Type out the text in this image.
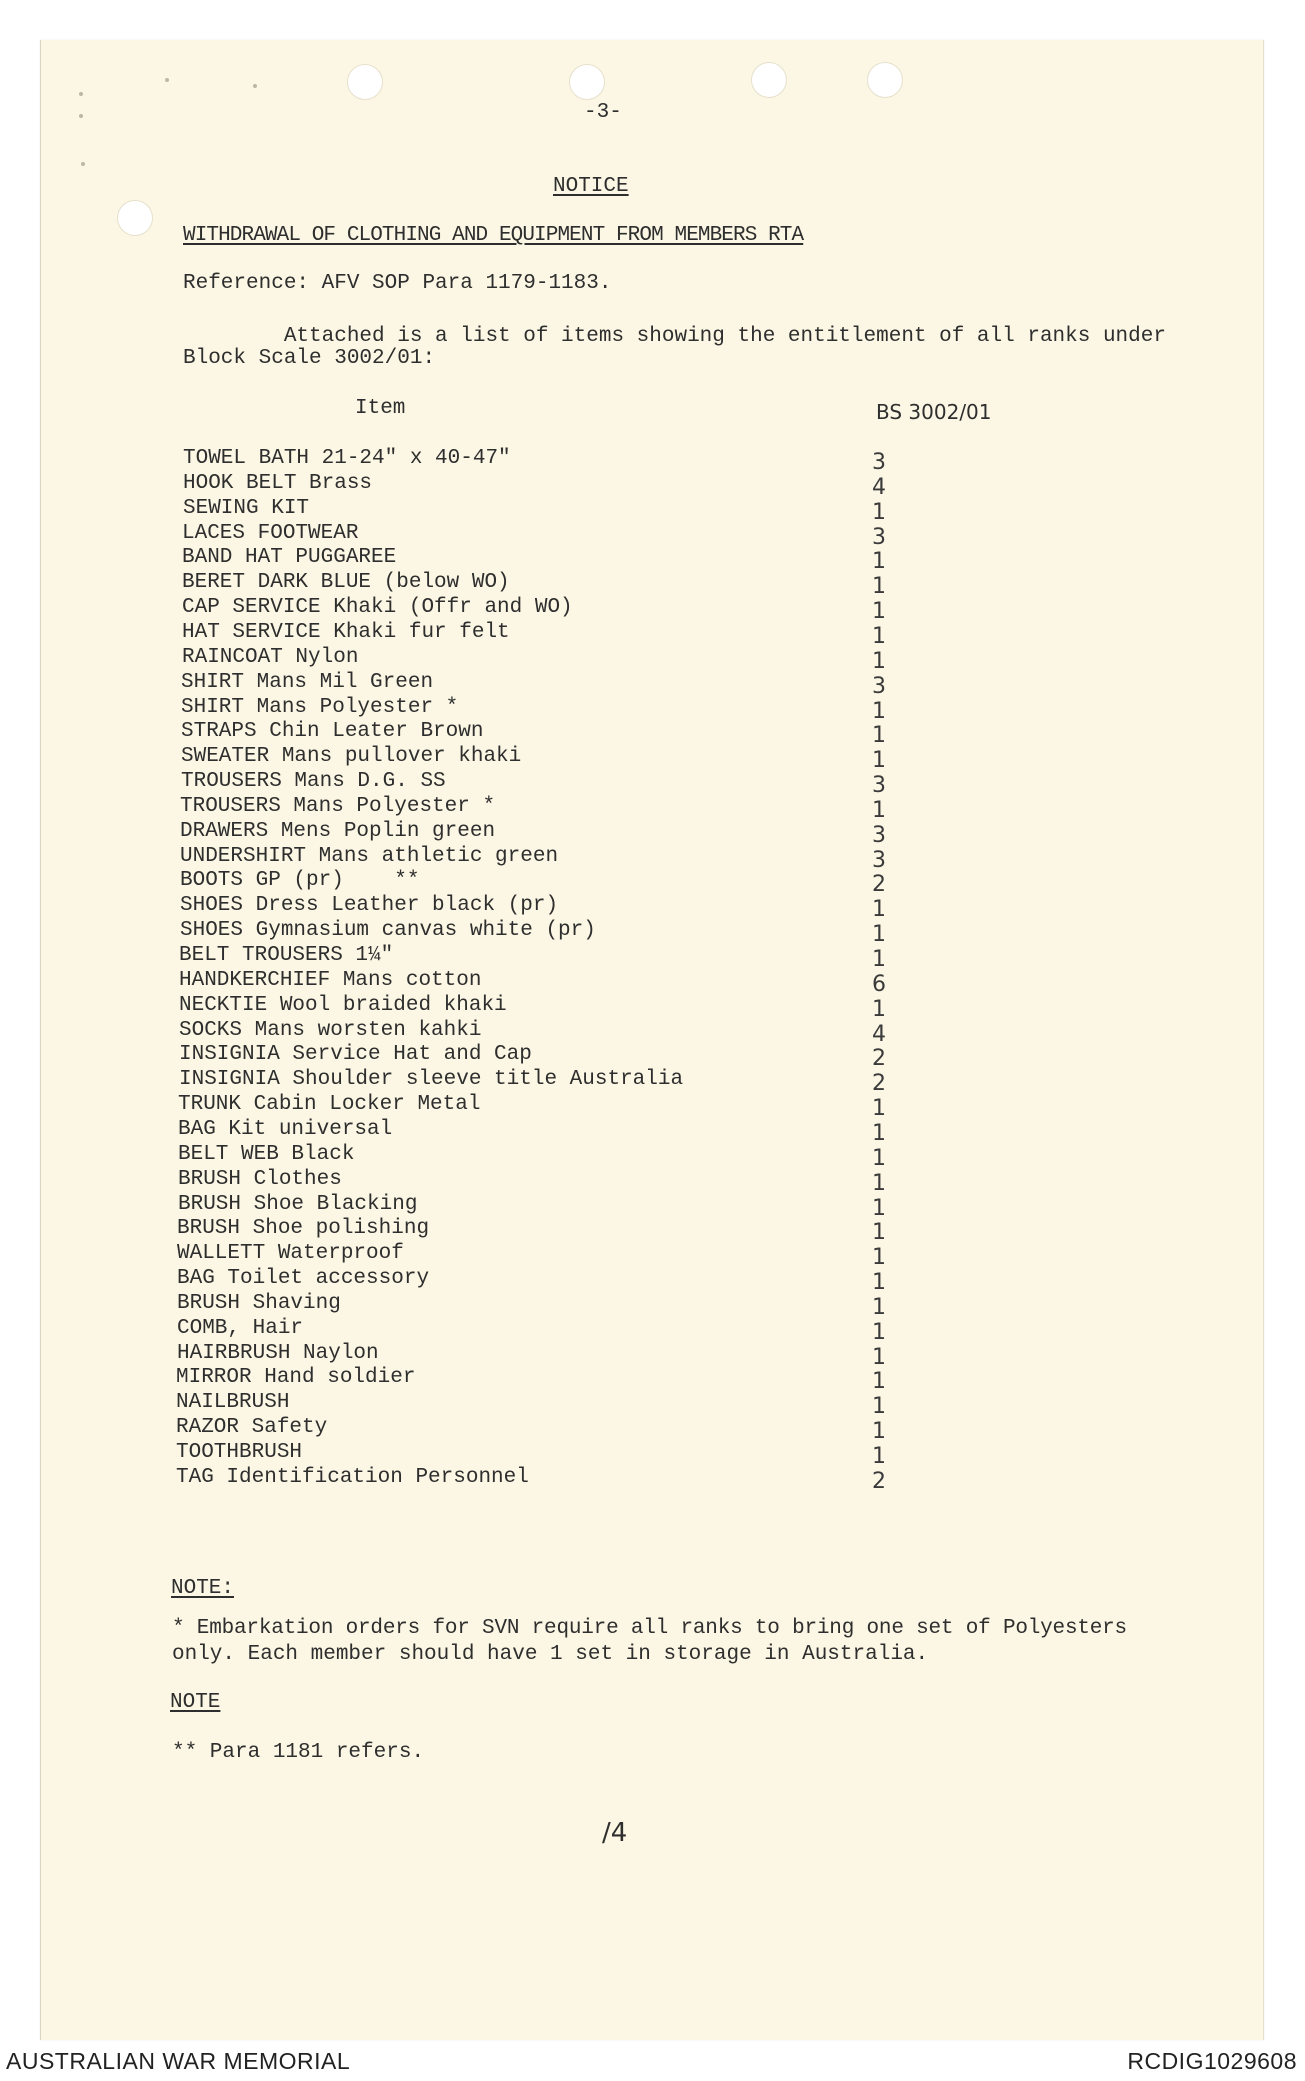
-3-
NOTICE
WITHDRAWAL OF CLOTHING AND EQUIPMENT FROM MEMBERS RTA
Reference: AFV SOP Para 1179-1183.
Attached is a list of items showing the entitlement of all ranks under
Block Scale 3002/01:
Item	BS 3002/01
TOWEL BATH 21-24" x 40-47"	3
HOOK BELT Brass	4
SEWING KIT	1
LACES FOOTWEAR	3
BAND HAT PUGGAREE	1
BERET DARK BLUE (below WO)	1
CAP SERVICE Khaki (Offr and WO)	1
HAT SERVICE Khaki fur felt	1
RAINCOAT Nylon	1
SHIRT Mans Mil Green	3
SHIRT Mans Polyester *	1
STRAPS Chin Leater Brown	1
SWEATER Mans pullover khaki	1
TROUSERS Mans D.G. SS	3
TROUSERS Mans Polyester *	1
DRAWERS Mens Poplin green	3
UNDERSHIRT Mans athletic green	3
BOOTS GP (pr)    **	2
SHOES Dress Leather black (pr)	1
SHOES Gymnasium canvas white (pr)	1
BELT TROUSERS 1¼"	1
HANDKERCHIEF Mans cotton	6
NECKTIE Wool braided khaki	1
SOCKS Mans worsten kahki	4
INSIGNIA Service Hat and Cap	2
INSIGNIA Shoulder sleeve title Australia	2
TRUNK Cabin Locker Metal	1
BAG Kit universal	1
BELT WEB Black	1
BRUSH Clothes	1
BRUSH Shoe Blacking	1
BRUSH Shoe polishing	1
WALLETT Waterproof	1
BAG Toilet accessory	1
BRUSH Shaving	1
COMB, Hair	1
HAIRBRUSH Naylon	1
MIRROR Hand soldier	1
NAILBRUSH	1
RAZOR Safety	1
TOOTHBRUSH	1
TAG Identification Personnel	2
NOTE:
* Embarkation orders for SVN require all ranks to bring one set of Polyesters
only. Each member should have 1 set in storage in Australia.
NOTE
** Para 1181 refers.
/4
AUSTRALIAN WAR MEMORIAL	RCDIG1029608
